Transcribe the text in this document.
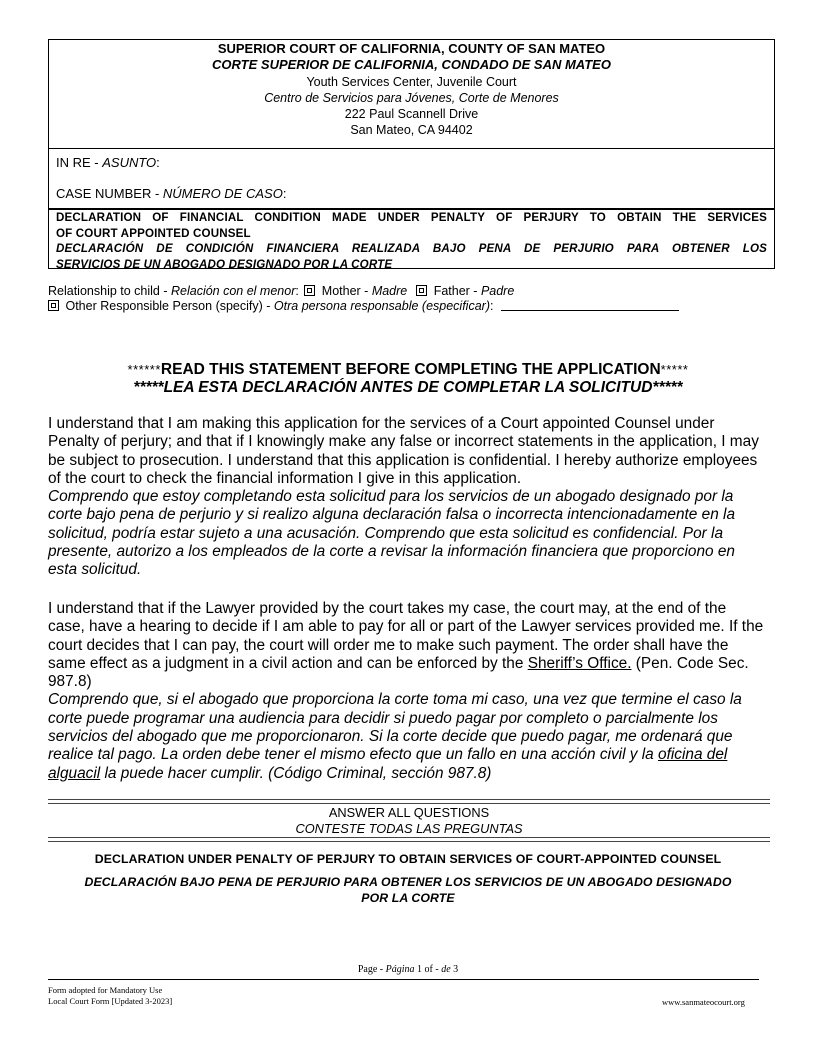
SUPERIOR COURT OF CALIFORNIA, COUNTY OF SAN MATEO
CORTE SUPERIOR DE CALIFORNIA, CONDADO DE SAN MATEO
Youth Services Center, Juvenile Court
Centro de Servicios para Jóvenes, Corte de Menores
222 Paul Scannell Drive
San Mateo, CA 94402
IN RE - ASUNTO:
CASE NUMBER - NÚMERO DE CASO:
DECLARATION OF FINANCIAL CONDITION MADE UNDER PENALTY OF PERJURY TO OBTAIN THE SERVICES
OF COURT APPOINTED COUNSEL
DECLARACIÓN DE CONDICIÓN FINANCIERA REALIZADA BAJO PENA DE PERJURIO PARA OBTENER LOS
SERVICIOS DE UN ABOGADO DESIGNADO POR LA CORTE
Relationship to child - Relación con el menor:  Mother - Madre Father - Padre
Other Responsible Person (specify) - Otra persona responsable (especificar):
******READ THIS STATEMENT BEFORE COMPLETING THE APPLICATION*****
*****LEA ESTA DECLARACIÓN ANTES DE COMPLETAR LA SOLICITUD*****
I understand that I am making this application for the services of a Court appointed Counsel under Penalty of perjury; and that if I knowingly make any false or incorrect statements in the application, I may be subject to prosecution. I understand that this application is confidential. I hereby authorize employees of the court to check the financial information I give in this application.
Comprendo que estoy completando esta solicitud para los servicios de un abogado designado por la corte bajo pena de perjurio y si realizo alguna declaración falsa o incorrecta intencionadamente en la solicitud, podría estar sujeto a una acusación. Comprendo que esta solicitud es confidencial. Por la presente, autorizo a los empleados de la corte a revisar la información financiera que proporciono en esta solicitud.
I understand that if the Lawyer provided by the court takes my case, the court may, at the end of the case, have a hearing to decide if I am able to pay for all or part of the Lawyer services provided me. If the court decides that I can pay, the court will order me to make such payment. The order shall have the same effect as a judgment in a civil action and can be enforced by the Sheriff’s Office. (Pen. Code Sec. 987.8)
Comprendo que, si el abogado que proporciona la corte toma mi caso, una vez que termine el caso la corte puede programar una audiencia para decidir si puedo pagar por completo o parcialmente los servicios del abogado que me proporcionaron. Si la corte decide que puedo pagar, me ordenará que realice tal pago. La orden debe tener el mismo efecto que un fallo en una acción civil y la oficina del alguacil la puede hacer cumplir. (Código Criminal, sección 987.8)
ANSWER ALL QUESTIONS
CONTESTE TODAS LAS PREGUNTAS
DECLARATION UNDER PENALTY OF PERJURY TO OBTAIN SERVICES OF COURT-APPOINTED COUNSEL
DECLARACIÓN BAJO PENA DE PERJURIO PARA OBTENER LOS SERVICIOS DE UN ABOGADO DESIGNADO
POR LA CORTE
Page - Página 1 of - de 3
Form adopted for Mandatory Use
Local Court Form [Updated 3-2023]	www.sanmateocourt.org
